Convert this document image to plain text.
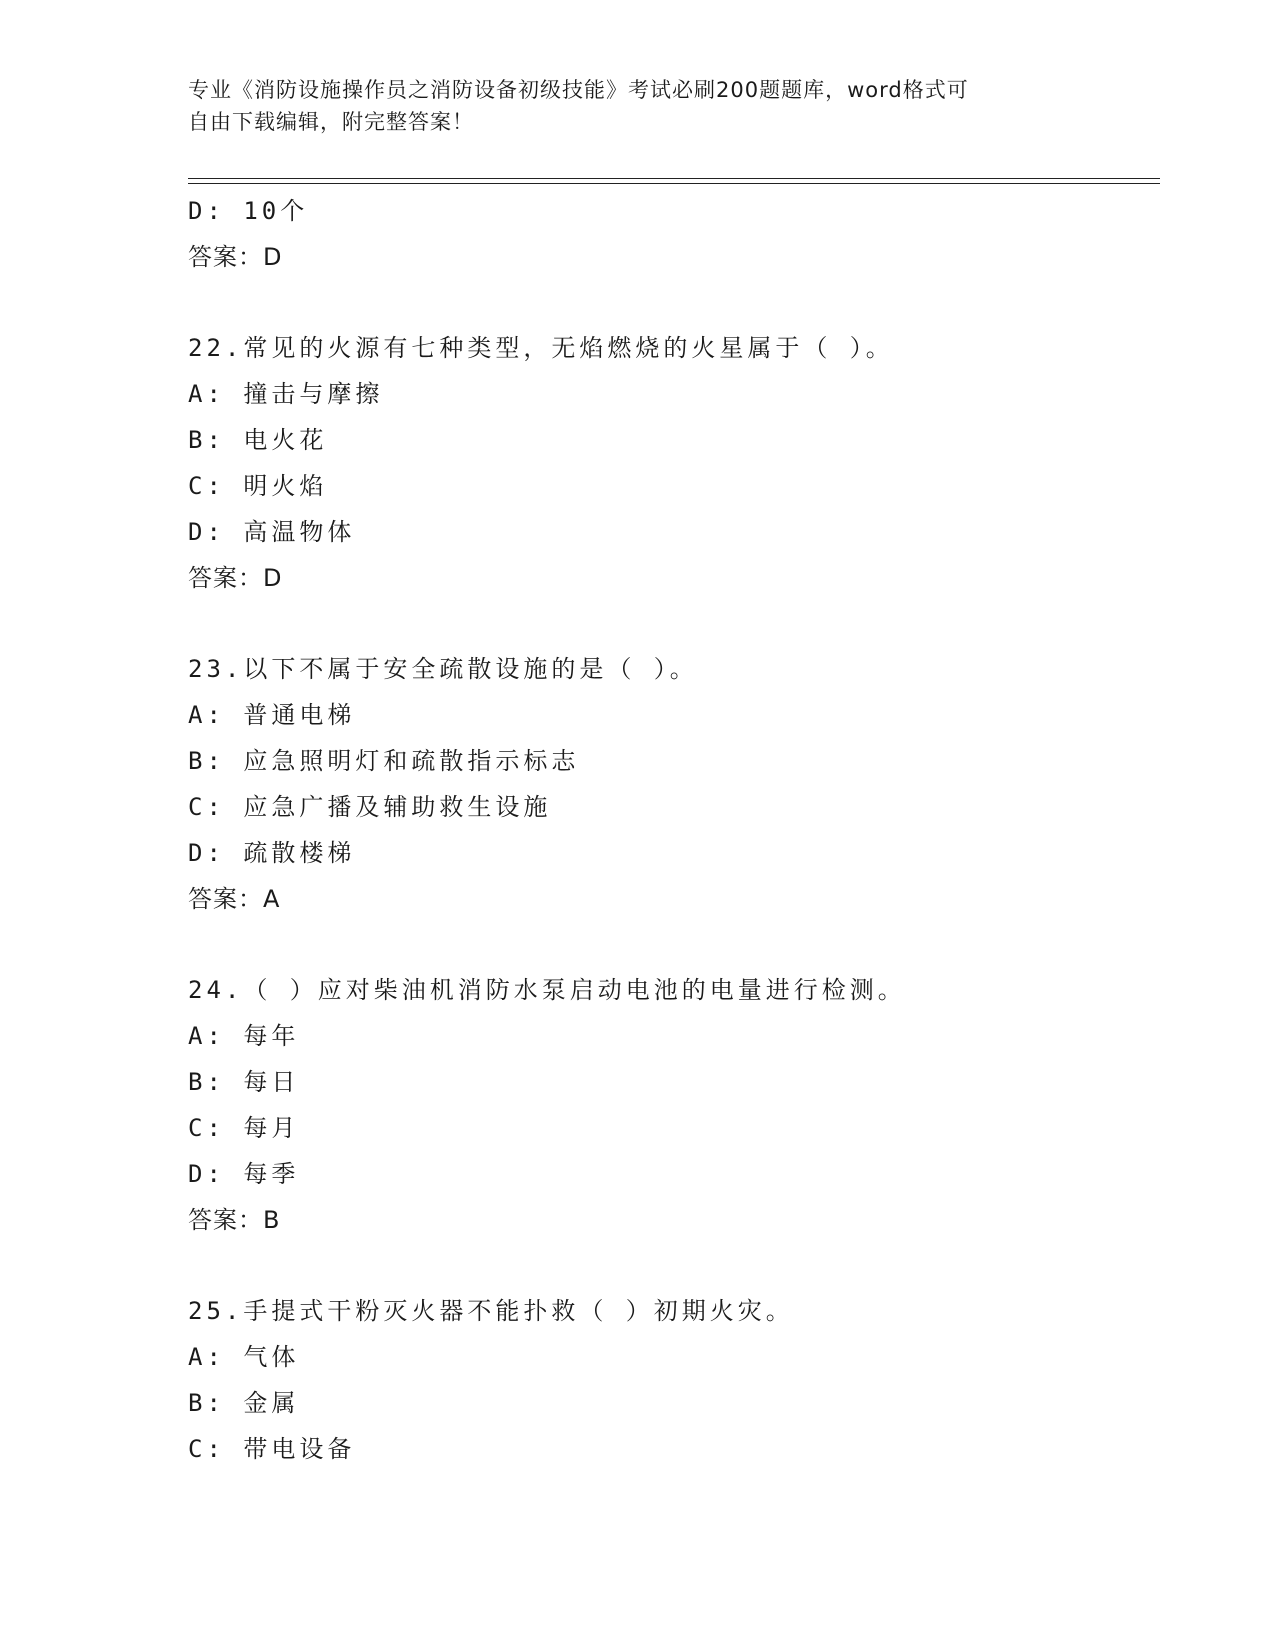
专业《消防设施操作员之消防设备初级技能》考试必刷200题题库，word格式可
自由下载编辑，附完整答案！
D: 10个
答案：D
22.常见的火源有七种类型，无焰燃烧的火星属于（ ）。
A: 撞击与摩擦
B: 电火花
C: 明火焰
D: 高温物体
答案：D
23.以下不属于安全疏散设施的是（ ）。
A: 普通电梯
B: 应急照明灯和疏散指示标志
C: 应急广播及辅助救生设施
D: 疏散楼梯
答案：A
24.（ ）应对柴油机消防水泵启动电池的电量进行检测。
A: 每年
B: 每日
C: 每月
D: 每季
答案：B
25.手提式干粉灭火器不能扑救（ ）初期火灾。
A: 气体
B: 金属
C: 带电设备
